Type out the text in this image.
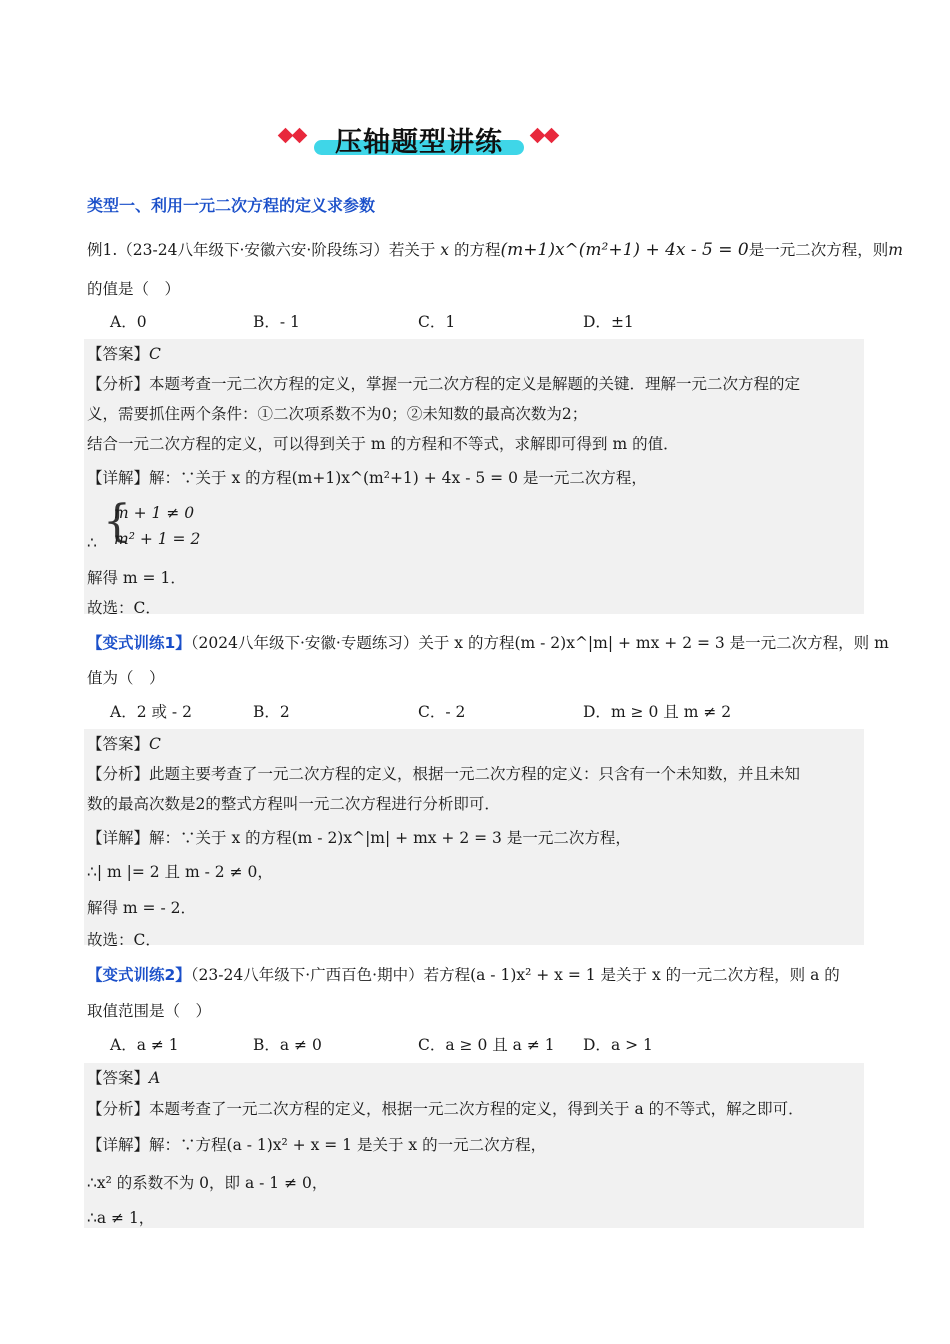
压轴题型讲练
类型一、利用一元二次方程的定义求参数
例1.（23-24八年级下·安徽六安·阶段练习）若关于 x 的方程(m+1)x^(m²+1) + 4x - 5 = 0是一元二次方程，则m
的值是（　）
A．0	B．- 1	C．1	D．±1
【答案】C
【分析】本题考查一元二次方程的定义，掌握一元二次方程的定义是解题的关键．理解一元二次方程的定
义，需要抓住两个条件：①二次项系数不为0；②未知数的最高次数为2；
结合一元二次方程的定义，可以得到关于 m 的方程和不等式，求解即可得到 m 的值．
【详解】解：∵关于 x 的方程(m+1)x^(m²+1) + 4x - 5 = 0 是一元二次方程，
{
m + 1 ≠ 0
m² + 1 = 2
∴
解得 m = 1．
故选：C．
【变式训练1】（2024八年级下·安徽·专题练习）关于 x 的方程(m - 2)x^|m| + mx + 2 = 3 是一元二次方程，则 m
值为（　）
A．2 或 - 2	B．2	C．- 2	D．m ≥ 0 且 m ≠ 2
【答案】C
【分析】此题主要考查了一元二次方程的定义，根据一元二次方程的定义：只含有一个未知数，并且未知
数的最高次数是2的整式方程叫一元二次方程进行分析即可．
【详解】解：∵关于 x 的方程(m - 2)x^|m| + mx + 2 = 3 是一元二次方程，
∴| m |= 2 且 m - 2 ≠ 0，
解得 m = - 2．
故选：C．
【变式训练2】（23-24八年级下·广西百色·期中）若方程(a - 1)x² + x = 1 是关于 x 的一元二次方程，则 a 的
取值范围是（　）
A．a ≠ 1	B．a ≠ 0	C．a ≥ 0 且 a ≠ 1 D．a > 1
【答案】A
【分析】本题考查了一元二次方程的定义，根据一元二次方程的定义，得到关于 a 的不等式，解之即可．
【详解】解：∵方程(a - 1)x² + x = 1 是关于 x 的一元二次方程，
∴x² 的系数不为 0，即 a - 1 ≠ 0，
∴a ≠ 1，
